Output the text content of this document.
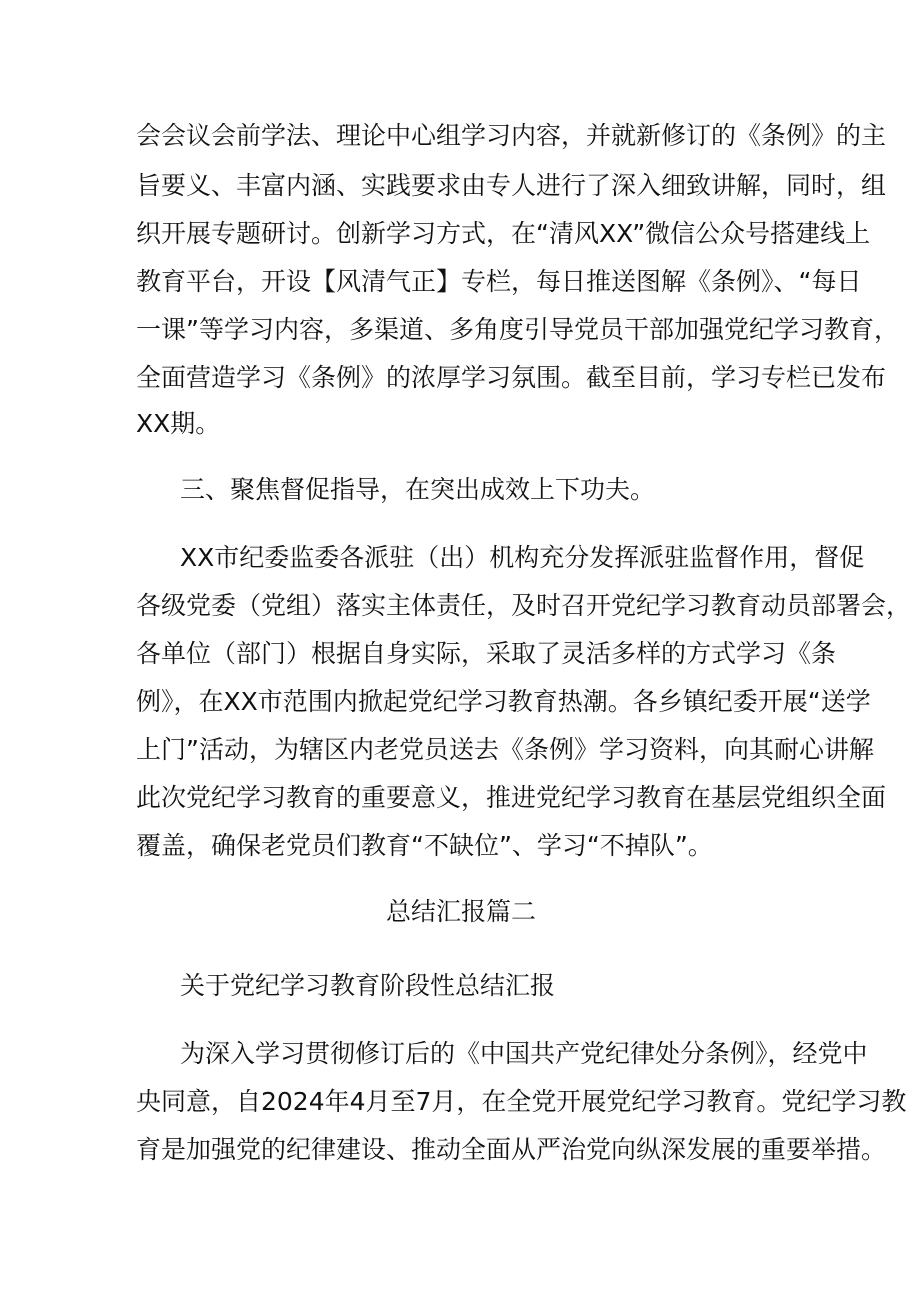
会会议会前学法、理论中心组学习内容，并就新修订的《条例》的主
旨要义、丰富内涵、实践要求由专人进行了深入细致讲解，同时，组
织开展专题研讨。创新学习方式，在“清风XX”微信公众号搭建线上
教育平台，开设【风清气正】专栏，每日推送图解《条例》、“每日
一课”等学习内容，多渠道、多角度引导党员干部加强党纪学习教育，
全面营造学习《条例》的浓厚学习氛围。截至目前，学习专栏已发布
XX期。
三、聚焦督促指导，在突出成效上下功夫。
XX市纪委监委各派驻（出）机构充分发挥派驻监督作用，督促
各级党委（党组）落实主体责任，及时召开党纪学习教育动员部署会，
各单位（部门）根据自身实际，采取了灵活多样的方式学习《条
例》，在XX市范围内掀起党纪学习教育热潮。各乡镇纪委开展“送学
上门”活动，为辖区内老党员送去《条例》学习资料，向其耐心讲解
此次党纪学习教育的重要意义，推进党纪学习教育在基层党组织全面
覆盖，确保老党员们教育“不缺位”、学习“不掉队”。
总结汇报篇二
关于党纪学习教育阶段性总结汇报
为深入学习贯彻修订后的《中国共产党纪律处分条例》，经党中
央同意，自2024年4月至7月，在全党开展党纪学习教育。党纪学习教
育是加强党的纪律建设、推动全面从严治党向纵深发展的重要举措。
